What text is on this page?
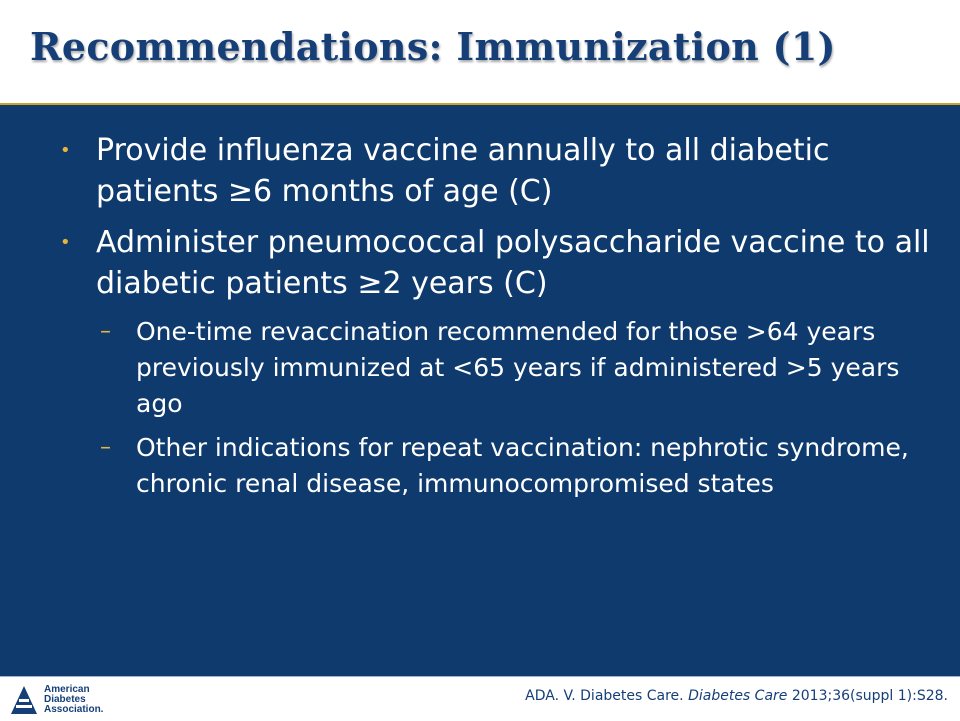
Recommendations: Immunization (1)
• Provide influenza vaccine annually to all diabetic patients ≥6 months of age (C)
• Administer pneumococcal polysaccharide vaccine to all diabetic patients ≥2 years (C)
– One-time revaccination recommended for those >64 years previously immunized at <65 years if administered >5 years ago
– Other indications for repeat vaccination: nephrotic syndrome, chronic renal disease, immunocompromised states
American
Diabetes
Association.
ADA. V. Diabetes Care. Diabetes Care 2013;36(suppl 1):S28.
